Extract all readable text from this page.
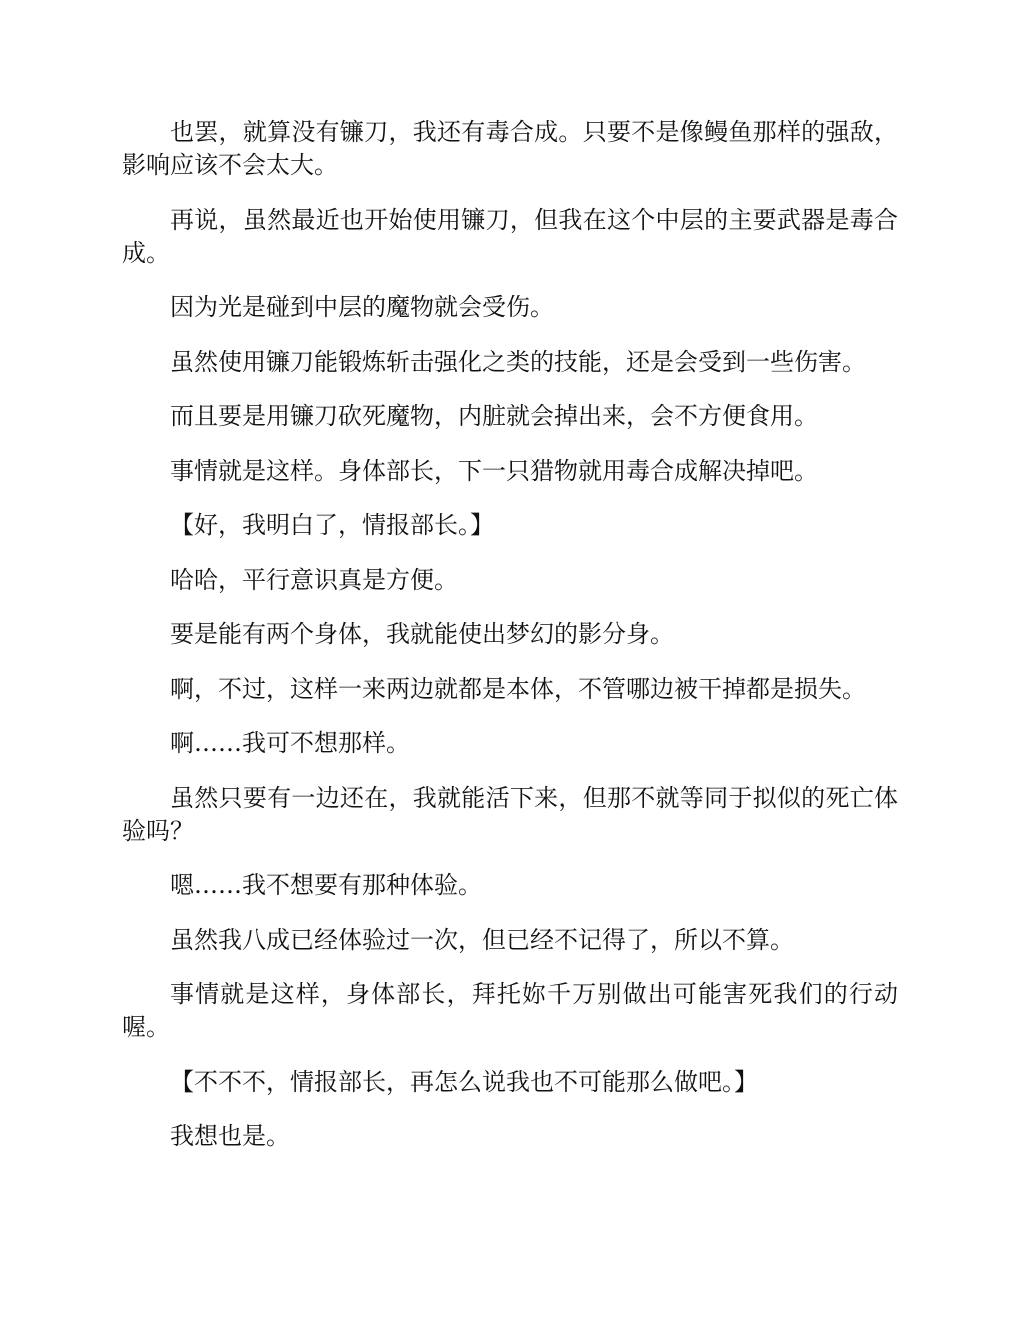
也罢，就算没有镰刀，我还有毒合成。只要不是像鳗鱼那样的强敌，影响应该不会太大。

再说，虽然最近也开始使用镰刀，但我在这个中层的主要武器是毒合成。

因为光是碰到中层的魔物就会受伤。

虽然使用镰刀能锻炼斩击强化之类的技能，还是会受到一些伤害。

而且要是用镰刀砍死魔物，内脏就会掉出来，会不方便食用。

事情就是这样。身体部长，下一只猎物就用毒合成解决掉吧。

【好，我明白了，情报部长。】

哈哈，平行意识真是方便。

要是能有两个身体，我就能使出梦幻的影分身。

啊，不过，这样一来两边就都是本体，不管哪边被干掉都是损失。

啊……我可不想那样。

虽然只要有一边还在，我就能活下来，但那不就等同于拟似的死亡体验吗？

嗯……我不想要有那种体验。

虽然我八成已经体验过一次，但已经不记得了，所以不算。

事情就是这样，身体部长，拜托妳千万别做出可能害死我们的行动喔。

【不不不，情报部长，再怎么说我也不可能那么做吧。】

我想也是。
